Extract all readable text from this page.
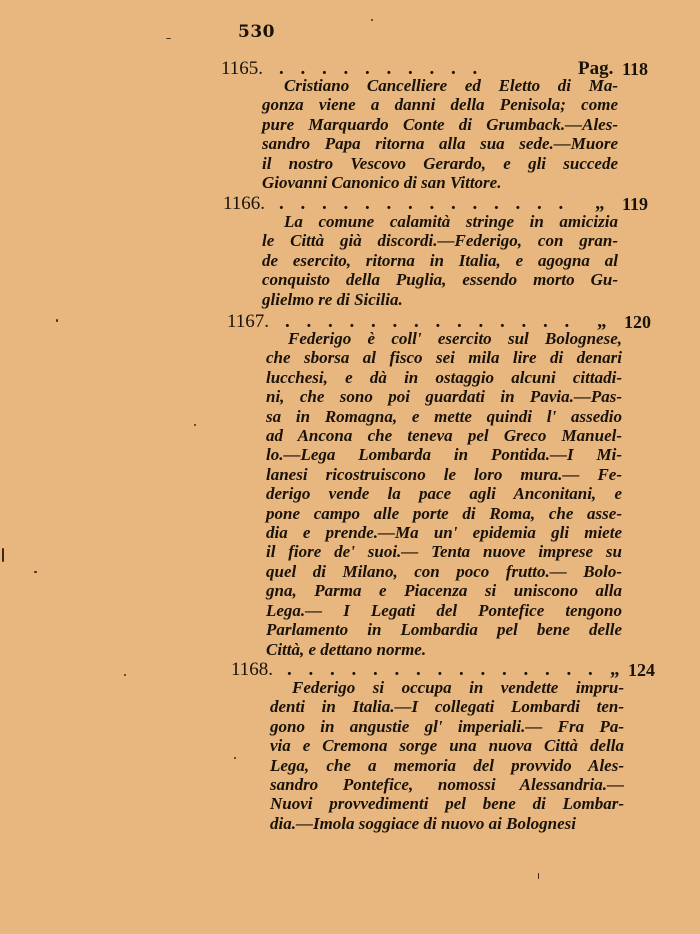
530
1165. . . . . . . . . . .	Pag. 118
Cristiano Cancelliere ed Eletto di Ma-
gonza viene a danni della Penisola; come
pure Marquardo Conte di Grumback.—Ales-
sandro Papa ritorna alla sua sede.—Muore
il nostro Vescovo Gerardo, e gli succede
Giovanni Canonico di san Vittore.
1166. . . . . . . . . . . . . . . „ 119
La comune calamità stringe in amicizia
le Città già discordi.—Federigo, con gran-
de esercito, ritorna in Italia, e agogna al
conquisto della Puglia, essendo morto Gu-
glielmo re di Sicilia.
1167. . . . . . . . . . . . . . . „ 120
Federigo è coll' esercito sul Bolognese,
che sborsa al fisco sei mila lire di denari
lucchesi, e dà in ostaggio alcuni cittadi-
ni, che sono poi guardati in Pavia.—Pas-
sa in Romagna, e mette quindi l' assedio
ad Ancona che teneva pel Greco Manuel-
lo.—Lega Lombarda in Pontida.—I Mi-
lanesi ricostruiscono le loro mura.— Fe-
derigo vende la pace agli Anconitani, e
pone campo alle porte di Roma, che asse-
dia e prende.—Ma un' epidemia gli miete
il fiore de' suoi.— Tenta nuove imprese su
quel di Milano, con poco frutto.— Bolo-
gna, Parma e Piacenza si uniscono alla
Lega.— I Legati del Pontefice tengono
Parlamento in Lombardia pel bene delle
Città, e dettano norme.
1168. . . . . . . . . . . . . . . . „ 124
Federigo si occupa in vendette impru-
denti in Italia.—I collegati Lombardi ten-
gono in angustie gl' imperiali.— Fra Pa-
via e Cremona sorge una nuova Città della
Lega, che a memoria del provvido Ales-
sandro Pontefice, nomossi Alessandria.—
Nuovi provvedimenti pel bene di Lombar-
dia.—Imola soggiace di nuovo ai Bolognesi
